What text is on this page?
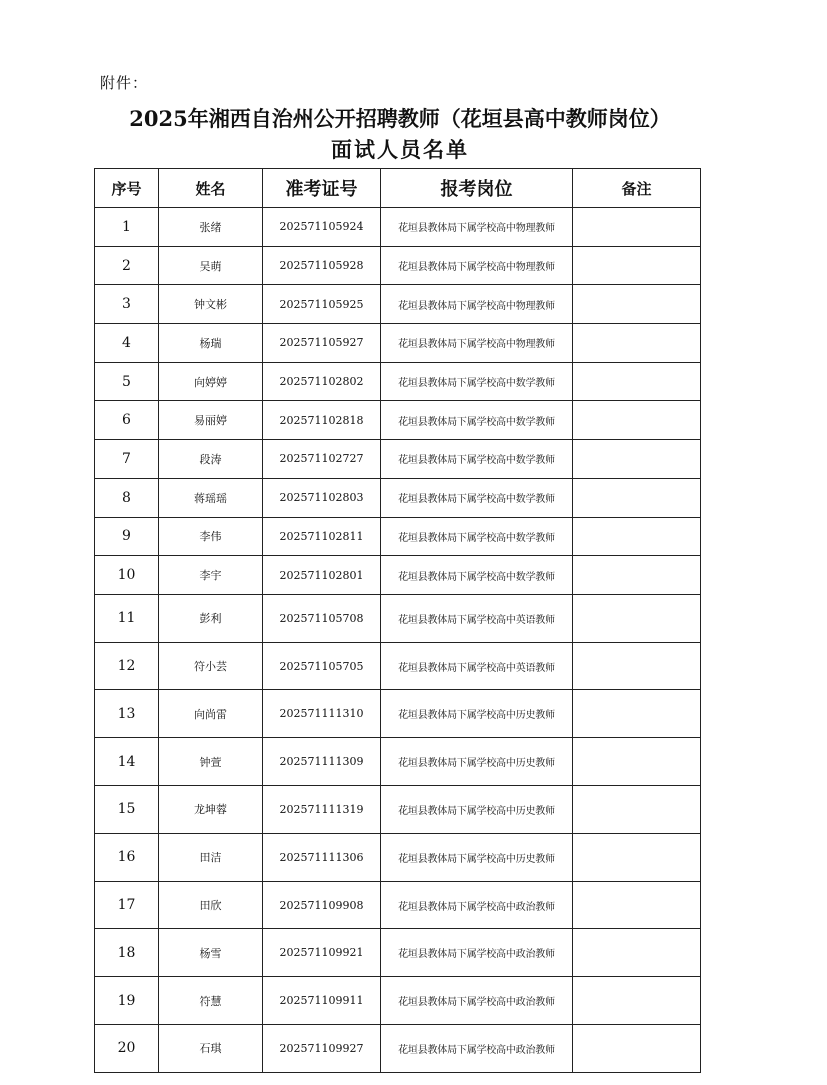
附件：
2025年湘西自治州公开招聘教师（花垣县高中教师岗位）
面试人员名单
序号	姓名	准考证号	报考岗位	备注
1	张绪	202571105924	花垣县教体局下属学校高中物理教师	
2	吴萌	202571105928	花垣县教体局下属学校高中物理教师	
3	钟文彬	202571105925	花垣县教体局下属学校高中物理教师	
4	杨瑞	202571105927	花垣县教体局下属学校高中物理教师	
5	向婷婷	202571102802	花垣县教体局下属学校高中数学教师	
6	易丽婷	202571102818	花垣县教体局下属学校高中数学教师	
7	段涛	202571102727	花垣县教体局下属学校高中数学教师	
8	蒋瑶瑶	202571102803	花垣县教体局下属学校高中数学教师	
9	李伟	202571102811	花垣县教体局下属学校高中数学教师	
10	李宇	202571102801	花垣县教体局下属学校高中数学教师	
11	彭利	202571105708	花垣县教体局下属学校高中英语教师	
12	符小芸	202571105705	花垣县教体局下属学校高中英语教师	
13	向尚雷	202571111310	花垣县教体局下属学校高中历史教师	
14	钟萱	202571111309	花垣县教体局下属学校高中历史教师	
15	龙坤蓉	202571111319	花垣县教体局下属学校高中历史教师	
16	田洁	202571111306	花垣县教体局下属学校高中历史教师	
17	田欣	202571109908	花垣县教体局下属学校高中政治教师	
18	杨雪	202571109921	花垣县教体局下属学校高中政治教师	
19	符慧	202571109911	花垣县教体局下属学校高中政治教师	
20	石琪	202571109927	花垣县教体局下属学校高中政治教师	
